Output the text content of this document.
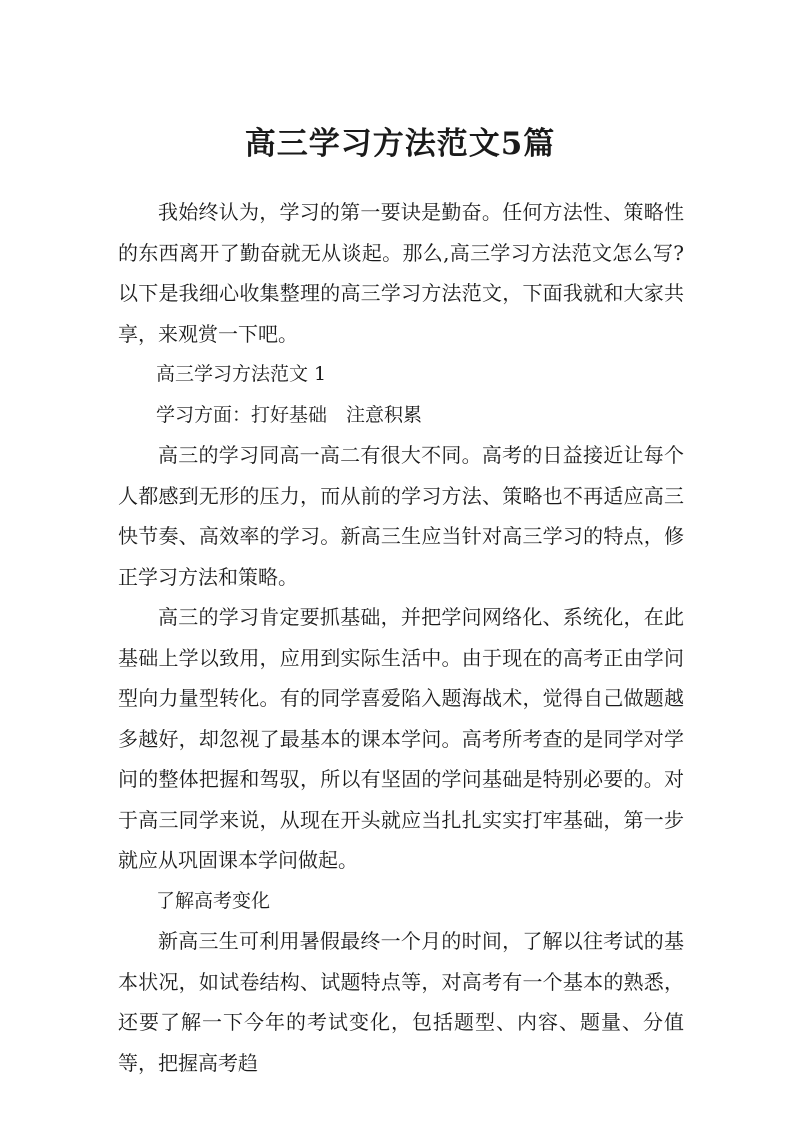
高三学习方法范文5篇

我始终认为，学习的第一要诀是勤奋。任何方法性、策略性的东西离开了勤奋就无从谈起。那么,高三学习方法范文怎么写?以下是我细心收集整理的高三学习方法范文，下面我就和大家共享，来观赏一下吧。

高三学习方法范文 1

学习方面：打好基础　注意积累

高三的学习同高一高二有很大不同。高考的日益接近让每个人都感到无形的压力，而从前的学习方法、策略也不再适应高三快节奏、高效率的学习。新高三生应当针对高三学习的特点，修正学习方法和策略。

高三的学习肯定要抓基础，并把学问网络化、系统化，在此基础上学以致用，应用到实际生活中。由于现在的高考正由学问型向力量型转化。有的同学喜爱陷入题海战术，觉得自己做题越多越好，却忽视了最基本的课本学问。高考所考查的是同学对学问的整体把握和驾驭，所以有坚固的学问基础是特别必要的。对于高三同学来说，从现在开头就应当扎扎实实打牢基础，第一步就应从巩固课本学问做起。

了解高考变化

新高三生可利用暑假最终一个月的时间，了解以往考试的基本状况，如试卷结构、试题特点等，对高考有一个基本的熟悉，还要了解一下今年的考试变化，包括题型、内容、题量、分值等，把握高考趋
